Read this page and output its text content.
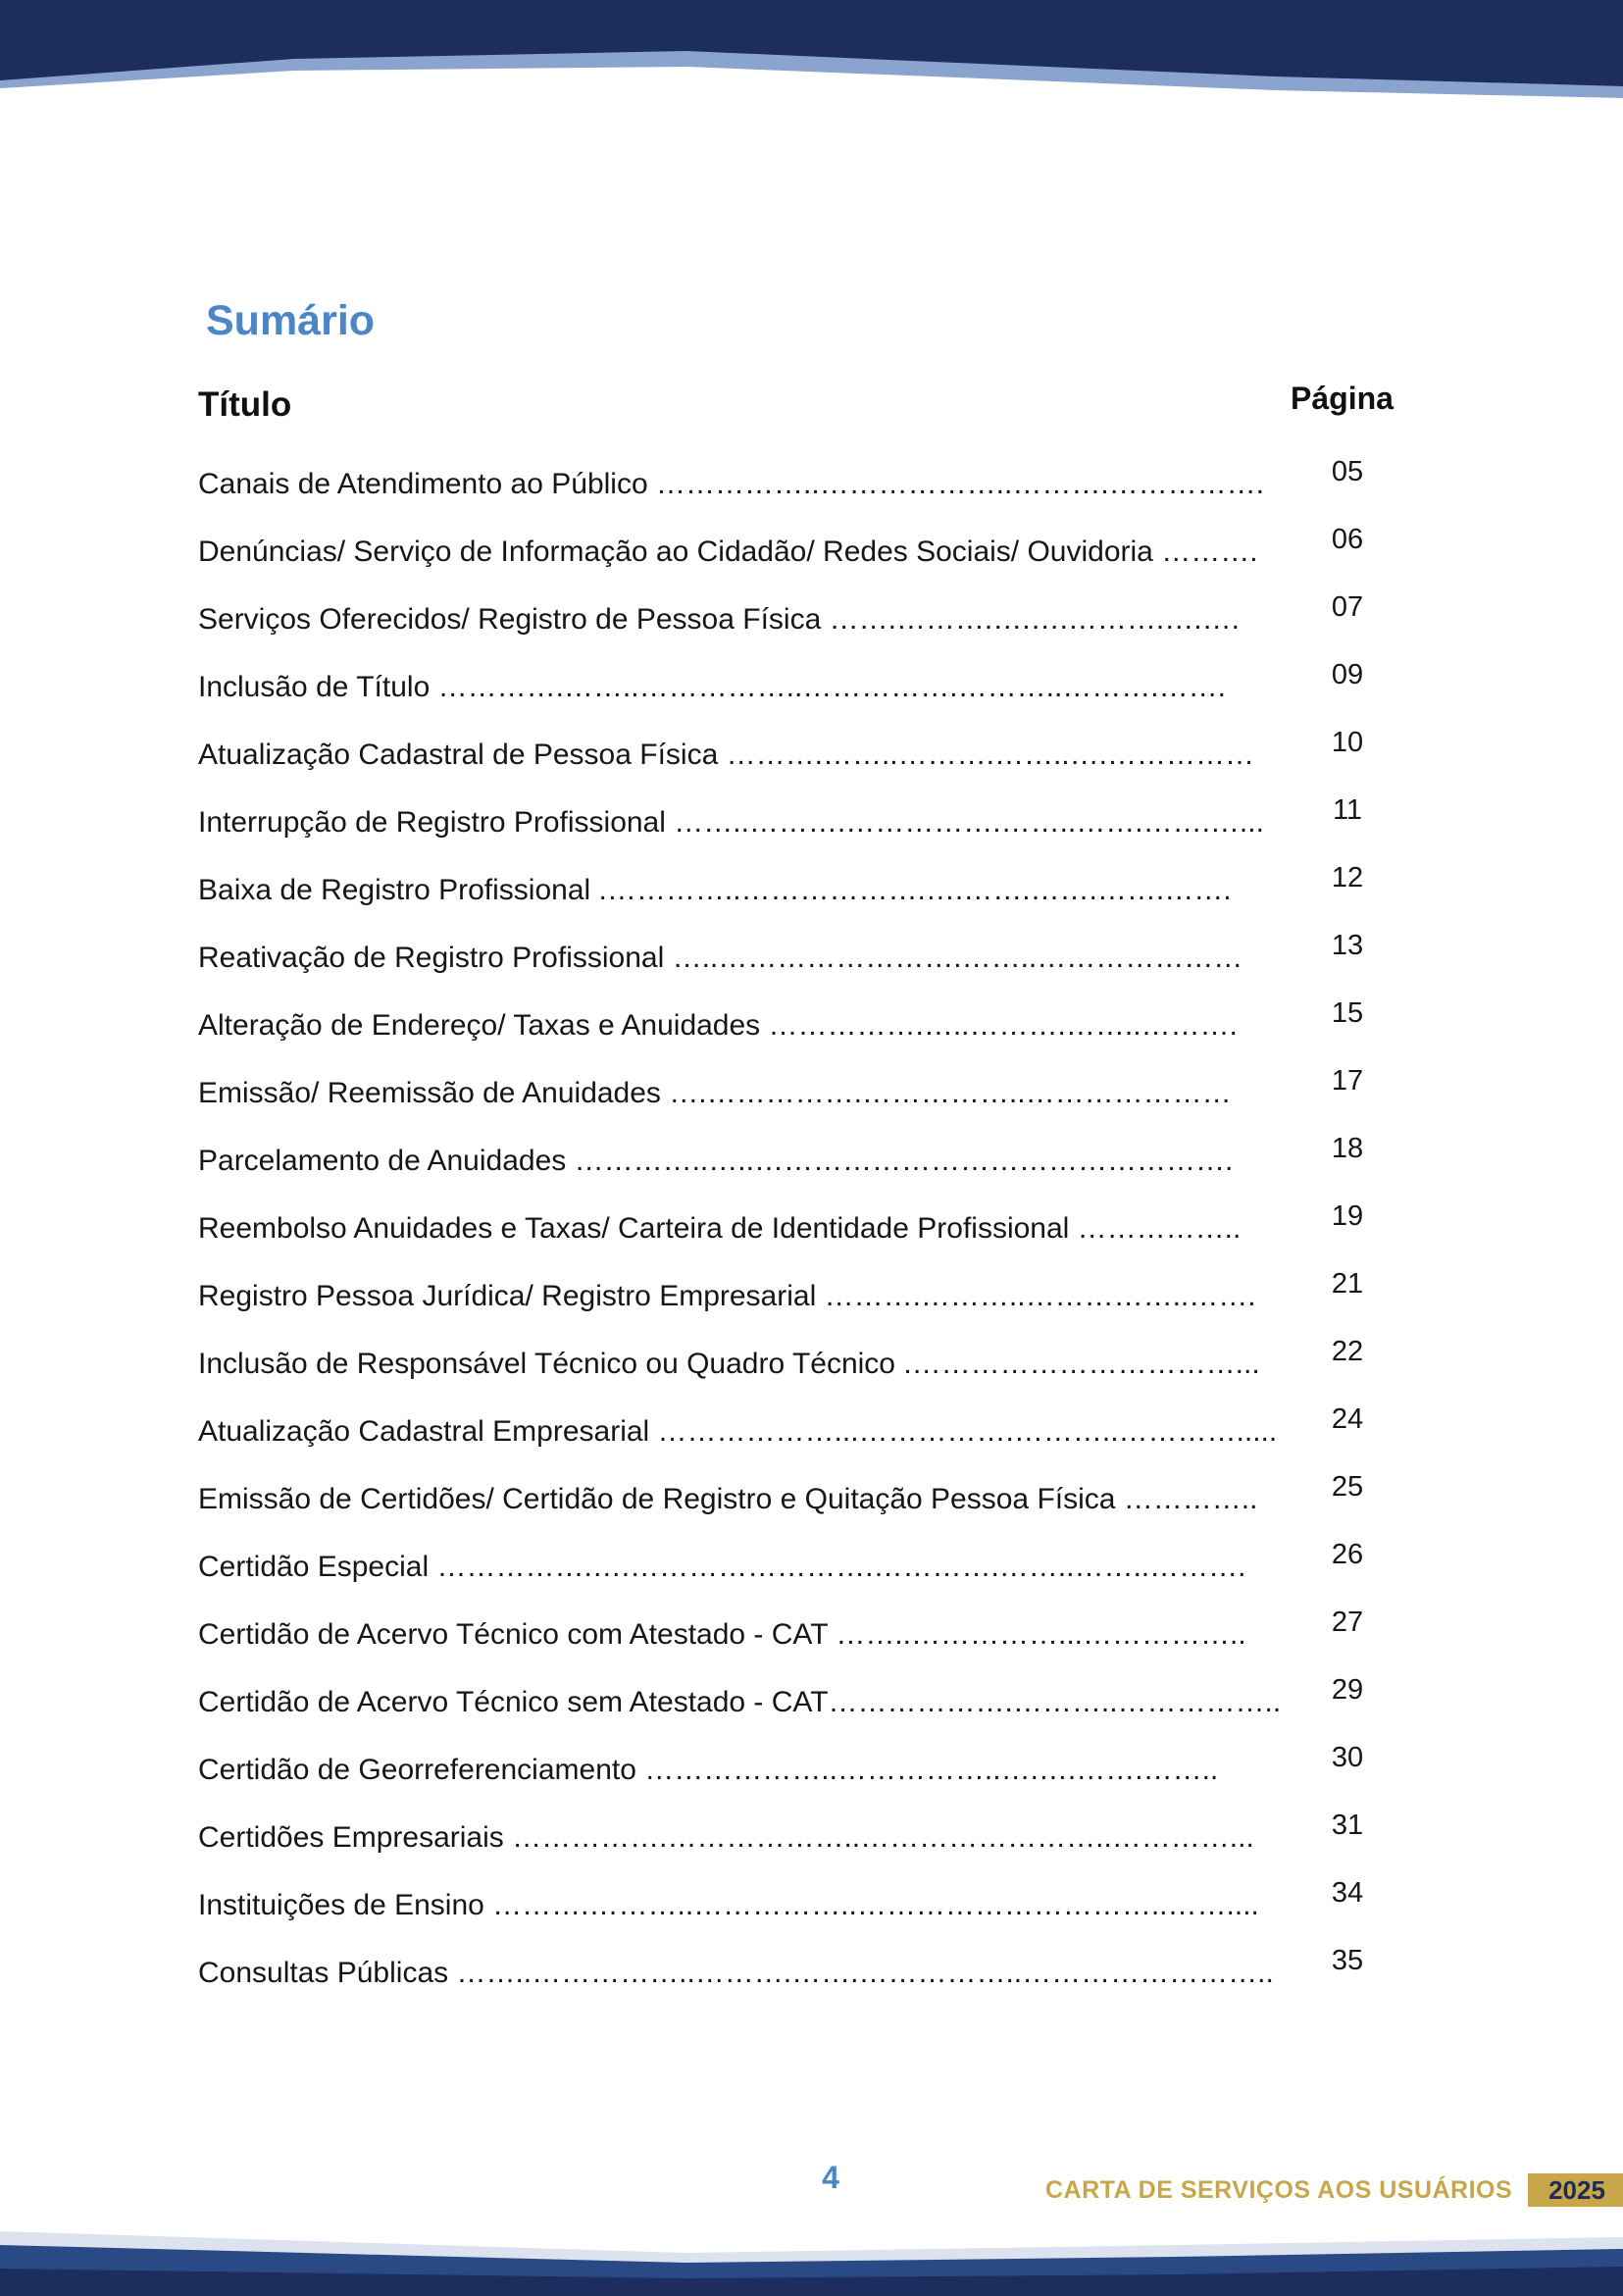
Sumário
Título	Página
Canais de Atendimento ao Público ……………..………………..……….……………. 05
Denúncias/ Serviço de Informação ao Cidadão/ Redes Sociais/ Ouvidoria ……….	06
Serviços Oferecidos/ Registro de Pessoa Física …….……….….….……….….….	07
Inclusão de Título ………….……..……………..…………….………..……….…….	09
Atualização Cadastral de Pessoa Física ……….……..……….……..….……………	10
Interrupção de Registro Profissional ……..……….…………….……..…….…….…... 11
Baixa de Registro Profissional .…………..……………….….…….…….…….…….	12
Reativação de Registro Profissional …..…………………….……..…………………	13
Alteração de Endereço/ Taxas e Anuidades …………….…..……….……..……….	15
Emissão/ Reemissão de Anuidades ….…………….……………..…………………	17
Parcelamento de Anuidades …………..…..………………………………………….	18
Reembolso Anuidades e Taxas/ Carteira de Identidade Profissional ……………..	19
Registro Pessoa Jurídica/ Registro Empresarial ……….………..……………..…….	21
Inclusão de Responsável Técnico ou Quadro Técnico .……………………………...	22
Atualização Cadastral Empresarial ………………...…………….………..…………..... 24
Emissão de Certidões/ Certidão de Registro e Quitação Pessoa Física …………..	25
Certidão Especial …………….….…………………….………….……..……..……….	26
Certidão de Acervo Técnico com Atestado - CAT ……..……………...……………..	27
Certidão de Acervo Técnico sem Atestado - CAT……………….………..…………….. 29
Certidão de Georreferenciamento ………………..……………..….….…….……..	30
Certidões Empresariais …………….………………..……………………..…………...	31
Instituições de Ensino ……….………..……………..…………………………..……....	34
Consultas Públicas ……..……………..……….…….……………..…………………….. 35
4	CARTA DE SERVIÇOS AOS USUÁRIOS	2025
